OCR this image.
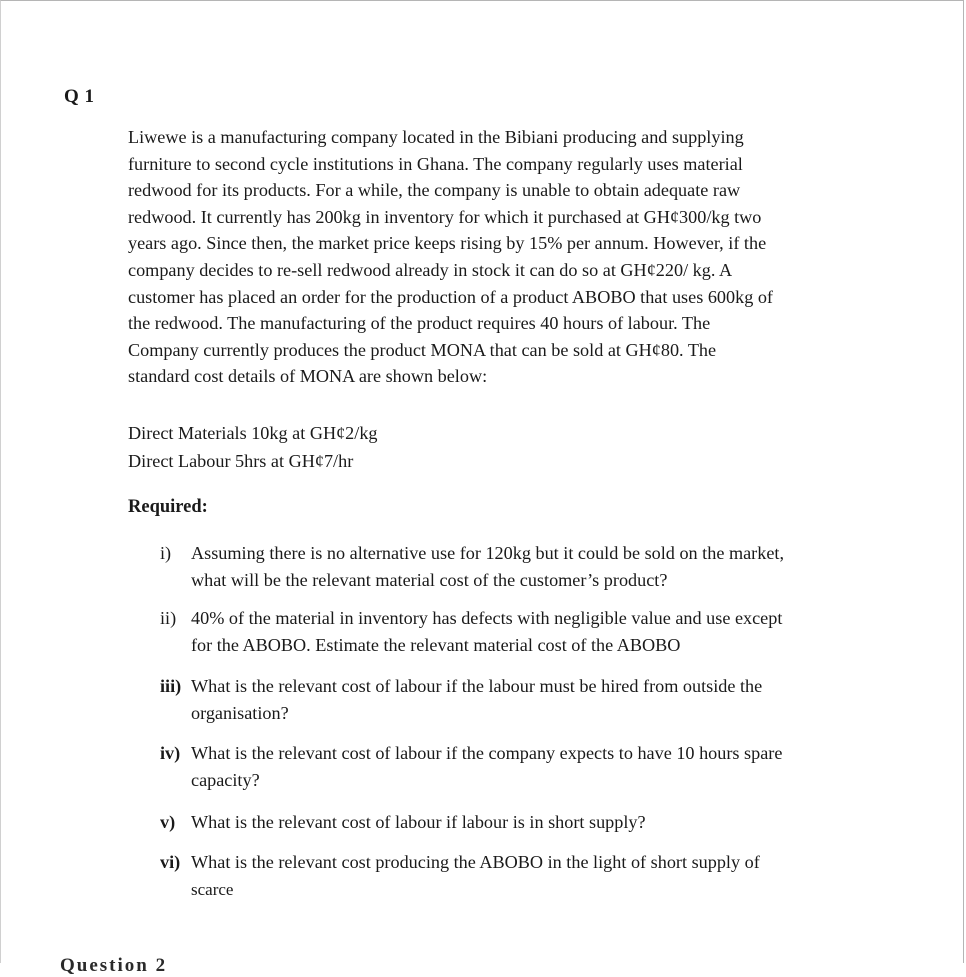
Q 1
Liwewe is a manufacturing company located in the Bibiani producing and supplying
furniture to second cycle institutions in Ghana. The company regularly uses material
redwood for its products. For a while, the company is unable to obtain adequate raw
redwood. It currently has 200kg in inventory for which it purchased at GH¢300/kg two
years ago. Since then, the market price keeps rising by 15% per annum. However, if the
company decides to re-sell redwood already in stock it can do so at GH¢220/ kg. A
customer has placed an order for the production of a product ABOBO that uses 600kg of
the redwood. The manufacturing of the product requires 40 hours of labour. The
Company currently produces the product MONA that can be sold at GH¢80. The
standard cost details of MONA are shown below:
Direct Materials 10kg at GH¢2/kg
Direct Labour 5hrs at GH¢7/hr
Required:
i) Assuming there is no alternative use for 120kg but it could be sold on the market,
what will be the relevant material cost of the customer’s product?
ii) 40% of the material in inventory has defects with negligible value and use except
for the ABOBO. Estimate the relevant material cost of the ABOBO
iii) What is the relevant cost of labour if the labour must be hired from outside the
organisation?
iv) What is the relevant cost of labour if the company expects to have 10 hours spare
capacity?
v) What is the relevant cost of labour if labour is in short supply?
vi) What is the relevant cost producing the ABOBO in the light of short supply of
scarce
Question 2
